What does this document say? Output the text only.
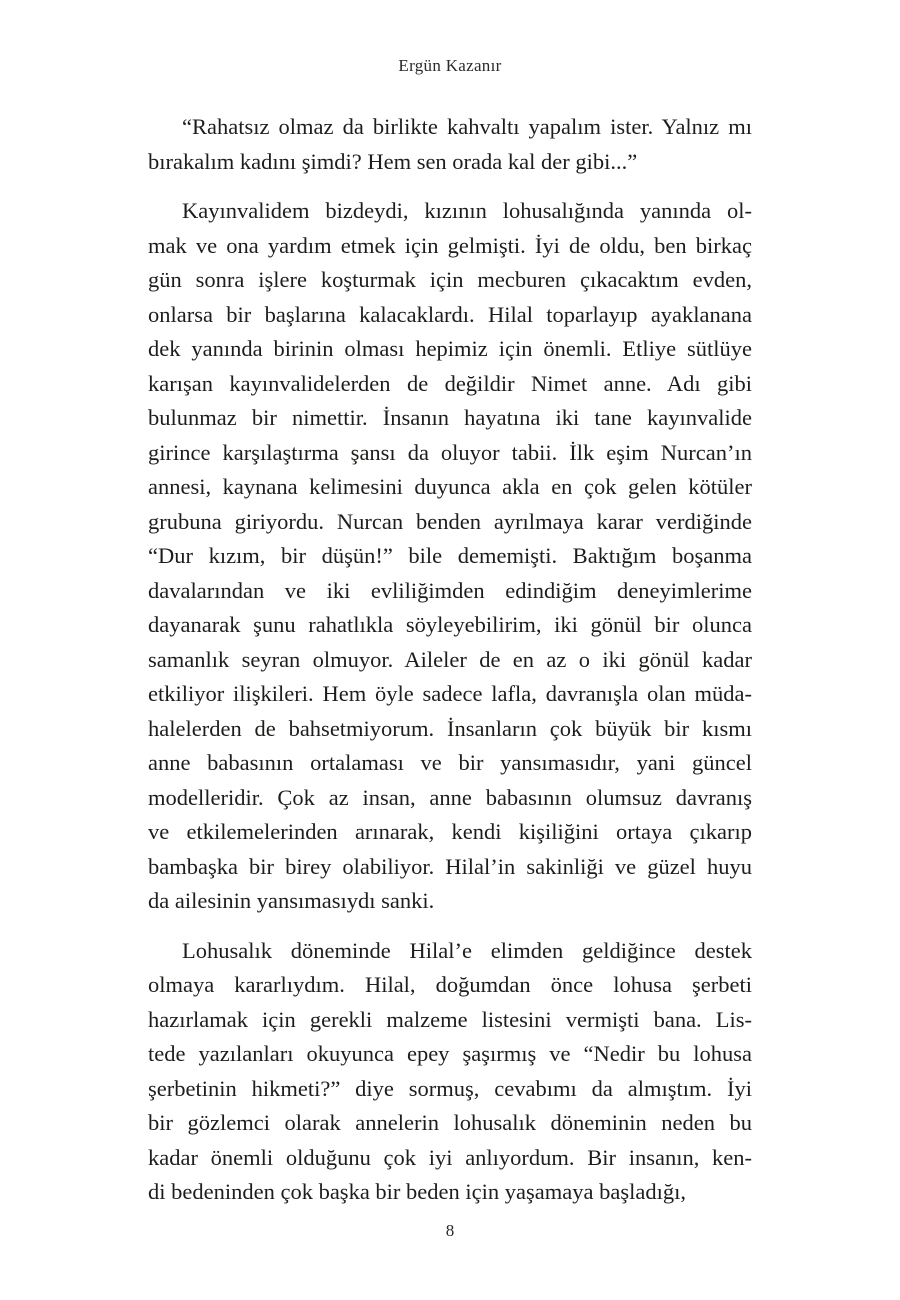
Ergün Kazanır

“Rahatsız olmaz da birlikte kahvaltı yapalım ister. Yalnız mı
bırakalım kadını şimdi? Hem sen orada kal der gibi...”

Kayınvalidem bizdeydi, kızının lohusalığında yanında ol-
mak ve ona yardım etmek için gelmişti. İyi de oldu, ben birkaç
gün sonra işlere koşturmak için mecburen çıkacaktım evden,
onlarsa bir başlarına kalacaklardı. Hilal toparlayıp ayaklanana
dek yanında birinin olması hepimiz için önemli. Etliye sütlüye
karışan kayınvalidelerden de değildir Nimet anne. Adı gibi
bulunmaz bir nimettir. İnsanın hayatına iki tane kayınvalide
girince karşılaştırma şansı da oluyor tabii. İlk eşim Nurcan’ın
annesi, kaynana kelimesini duyunca akla en çok gelen kötüler
grubuna giriyordu. Nurcan benden ayrılmaya karar verdiğinde
“Dur kızım, bir düşün!” bile dememişti. Baktığım boşanma
davalarından ve iki evliliğimden edindiğim deneyimlerime
dayanarak şunu rahatlıkla söyleyebilirim, iki gönül bir olunca
samanlık seyran olmuyor. Aileler de en az o iki gönül kadar
etkiliyor ilişkileri. Hem öyle sadece lafla, davranışla olan müda-
halelerden de bahsetmiyorum. İnsanların çok büyük bir kısmı
anne babasının ortalaması ve bir yansımasıdır, yani güncel
modelleridir. Çok az insan, anne babasının olumsuz davranış
ve etkilemelerinden arınarak, kendi kişiliğini ortaya çıkarıp
bambaşka bir birey olabiliyor. Hilal’in sakinliği ve güzel huyu
da ailesinin yansımasıydı sanki.

Lohusalık döneminde Hilal’e elimden geldiğince destek
olmaya kararlıydım. Hilal, doğumdan önce lohusa şerbeti
hazırlamak için gerekli malzeme listesini vermişti bana. Lis-
tede yazılanları okuyunca epey şaşırmış ve “Nedir bu lohusa
şerbetinin hikmeti?” diye sormuş, cevabımı da almıştım. İyi
bir gözlemci olarak annelerin lohusalık döneminin neden bu
kadar önemli olduğunu çok iyi anlıyordum. Bir insanın, ken-
di bedeninden çok başka bir beden için yaşamaya başladığı,

8
